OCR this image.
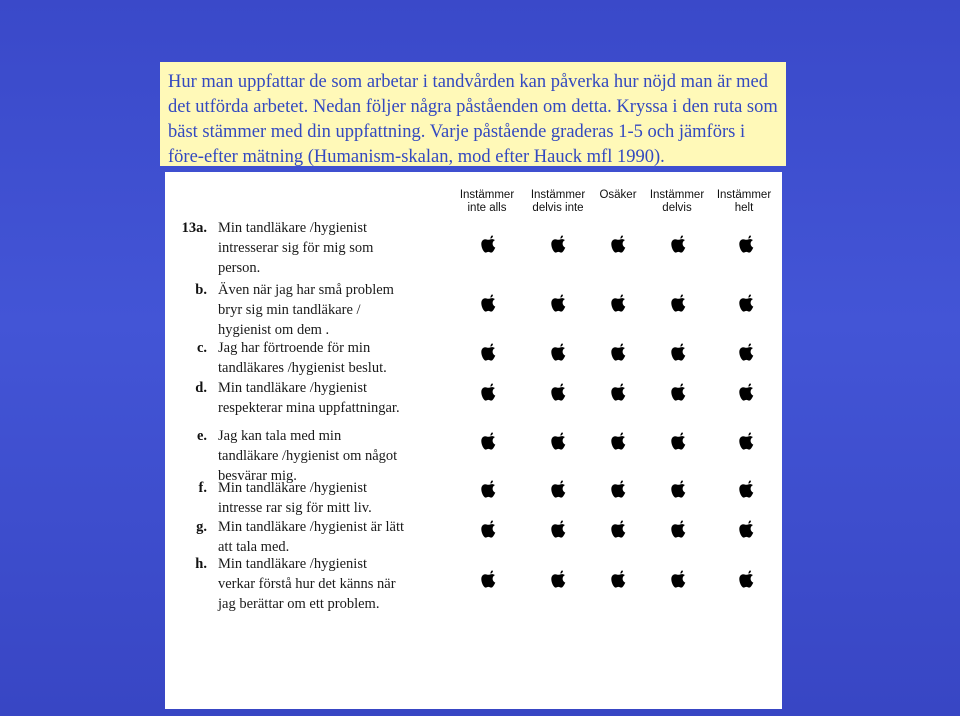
Hur man uppfattar de som arbetar i tandvården kan påverka hur nöjd man är med

det utförda arbetet. Nedan följer några påståenden om detta. Kryssa i den ruta som

bäst stämmer med din uppfattning. Varje påstående graderas 1-5 och jämförs i

före-efter mätning (Humanism-skalan, mod efter Hauck mfl 1990).

Instämmer
inte alls
Instämmer
delvis inte
Osäker	Instämmer
delvis
Instämmer
helt
13a. Min tandläkare /hygienist
intresserar sig för mig som
person.
b. Även när jag har små problem
bryr sig min tandläkare /
hygienist om dem .
c. Jag har förtroende för min
tandläkares /hygienist beslut.
d. Min tandläkare /hygienist
respekterar mina uppfattningar.
e. Jag kan tala med min
tandläkare /hygienist om något
besvärar mig.
f. Min tandläkare /hygienist
intresse rar sig för mitt liv.
g. Min tandläkare /hygienist är lätt
att tala med.
h. Min tandläkare /hygienist
verkar förstå hur det känns när
jag berättar om ett problem.
